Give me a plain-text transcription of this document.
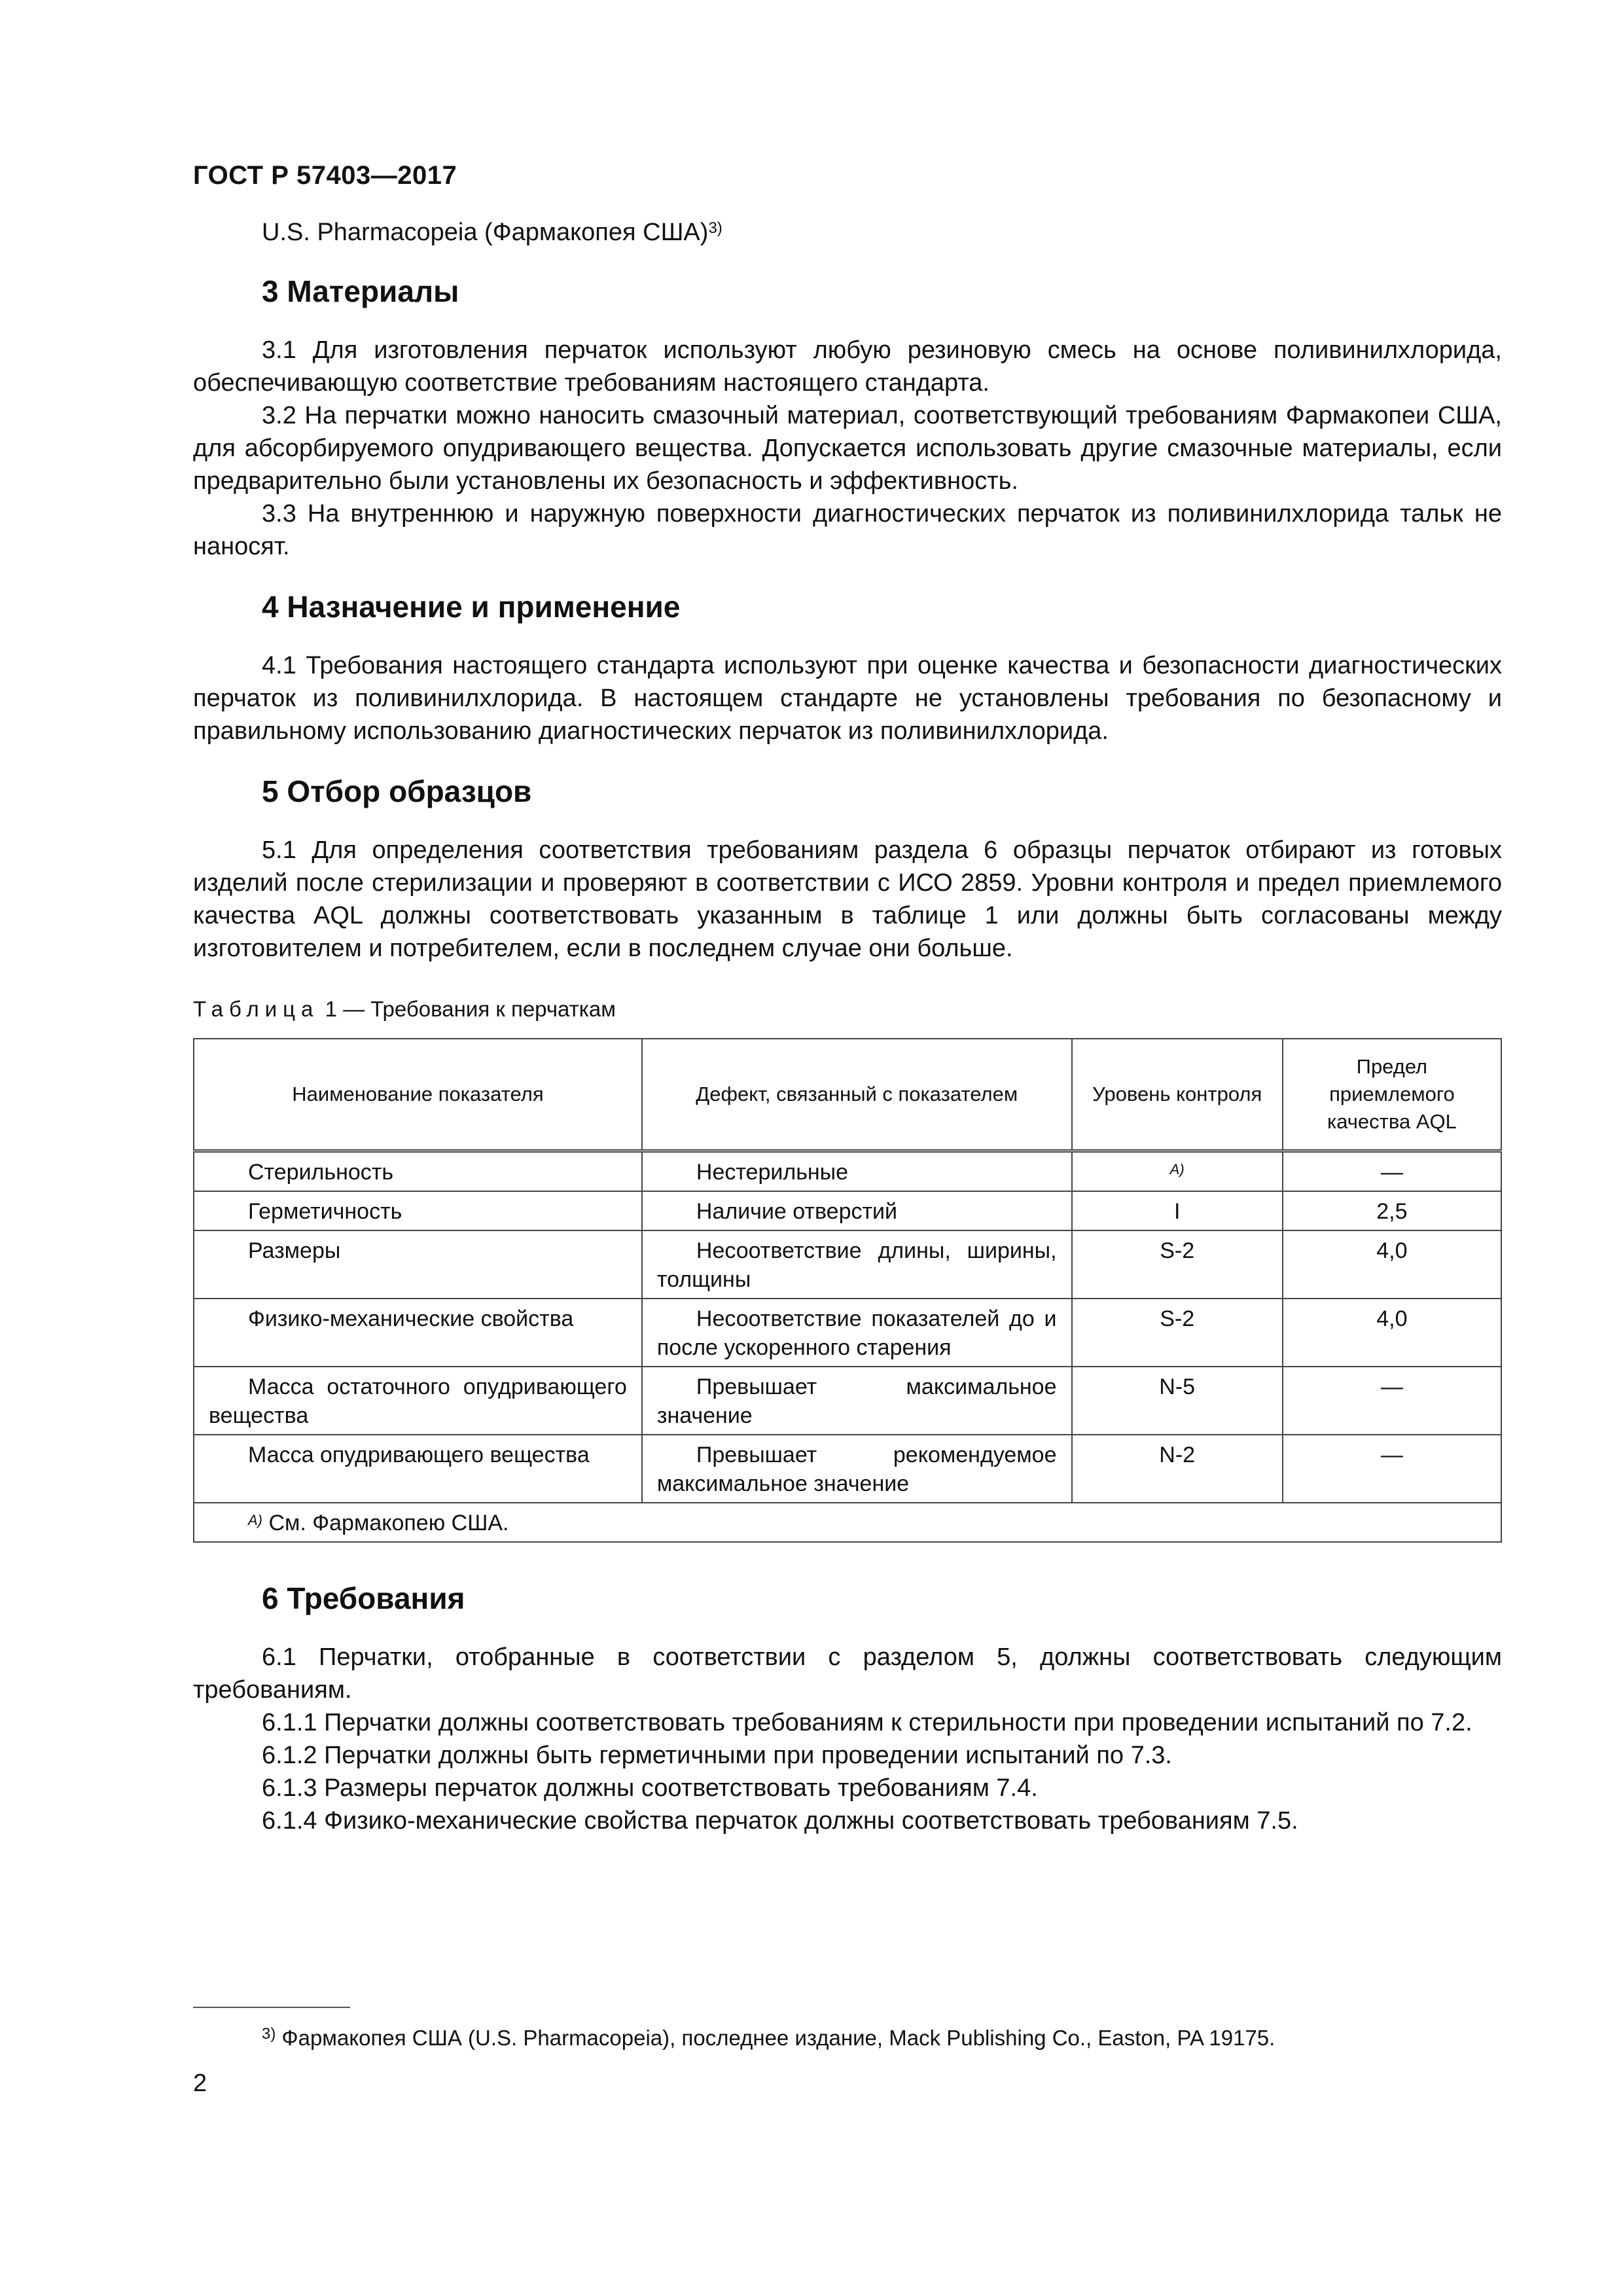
ГОСТ Р 57403—2017

U.S. Pharmacopeia (Фармакопея США)$^{3)}$

3 Материалы

3.1 Для изготовления перчаток используют любую резиновую смесь на основе поливинилхлорида, обеспечивающую соответствие требованиям настоящего стандарта.

3.2 На перчатки можно наносить смазочный материал, соответствующий требованиям Фармакопеи США, для абсорбируемого опудривающего вещества. Допускается использовать другие смазочные материалы, если предварительно были установлены их безопасность и эффективность.

3.3 На внутреннюю и наружную поверхности диагностических перчаток из поливинилхлорида тальк не наносят.

4 Назначение и применение

4.1 Требования настоящего стандарта используют при оценке качества и безопасности диагностических перчаток из поливинилхлорида. В настоящем стандарте не установлены требования по безопасному и правильному использованию диагностических перчаток из поливинилхлорида.

5 Отбор образцов

5.1 Для определения соответствия требованиям раздела 6 образцы перчаток отбирают из готовых изделий после стерилизации и проверяют в соответствии с ИСО 2859. Уровни контроля и предел приемлемого качества AQL должны соответствовать указанным в таблице 1 или должны быть согласованы между изготовителем и потребителем, если в последнем случае они больше.

Таблица 1 — Требования к перчаткам

Наименование показателя	Дефект, связанный с показателем	Уровень контроля	Предел приемлемого качества AQL
Стерильность	Нестерильные	$^{A)}$	—
Герметичность	Наличие отверстий	I	2,5
Размеры	Несоответствие длины, ширины, толщины	S-2	4,0
Физико-механические свойства	Несоответствие показателей до и после ускоренного старения	S-2	4,0
Масса остаточного опудривающего вещества	Превышает максимальное значение	N-5	—
Масса опудривающего вещества	Превышает рекомендуемое максимальное значение	N-2	—
$^{A)}$ См. Фармакопею США.			
6 Требования

6.1 Перчатки, отобранные в соответствии с разделом 5, должны соответствовать следующим требованиям.

6.1.1 Перчатки должны соответствовать требованиям к стерильности при проведении испытаний по 7.2.

6.1.2 Перчатки должны быть герметичными при проведении испытаний по 7.3.

6.1.3 Размеры перчаток должны соответствовать требованиям 7.4.

6.1.4 Физико-механические свойства перчаток должны соответствовать требованиям 7.5.

$^{3)}$ Фармакопея США (U.S. Pharmacopeia), последнее издание, Mack Publishing Co., Easton, PA 19175.
2
